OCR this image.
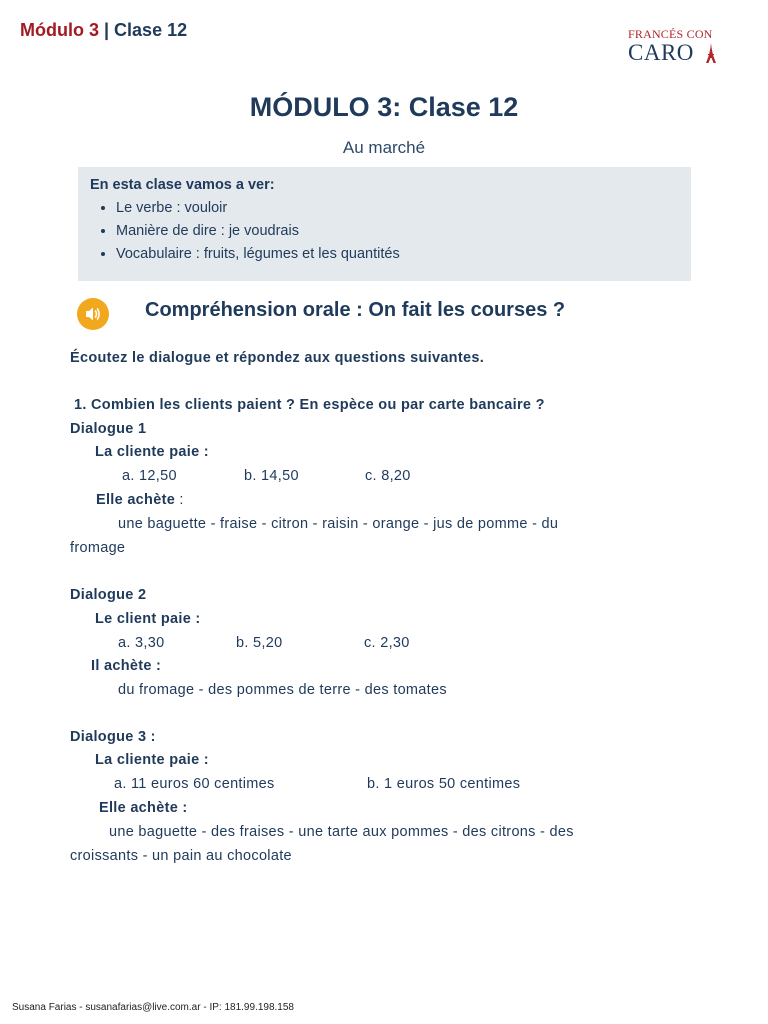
Módulo 3 | Clase 12	FRANCÉS CON
CARO
MÓDULO 3: Clase 12
Au marché
En esta clase vamos a ver:
• Le verbe : vouloir
• Manière de dire : je voudrais
• Vocabulaire : fruits, légumes et les quantités
Compréhension orale : On fait les courses ?
Écoutez le dialogue et répondez aux questions suivantes.
1. Combien les clients paient ? En espèce ou par carte bancaire ?
Dialogue 1
La cliente paie :
a. 12,50	b. 14,50	c. 8,20
Elle achète :
une baguette - fraise - citron - raisin - orange - jus de pomme - du
fromage
Dialogue 2
Le client paie :
a. 3,30	b. 5,20	c. 2,30
Il achète :
du fromage - des pommes de terre - des tomates
Dialogue 3 :
La cliente paie :
a. 11 euros 60 centimes	b. 1 euros 50 centimes
Elle achète :
une baguette - des fraises - une tarte aux pommes - des citrons - des
croissants - un pain au chocolate
Susana Farias - susanafarias@live.com.ar - IP: 181.99.198.158
